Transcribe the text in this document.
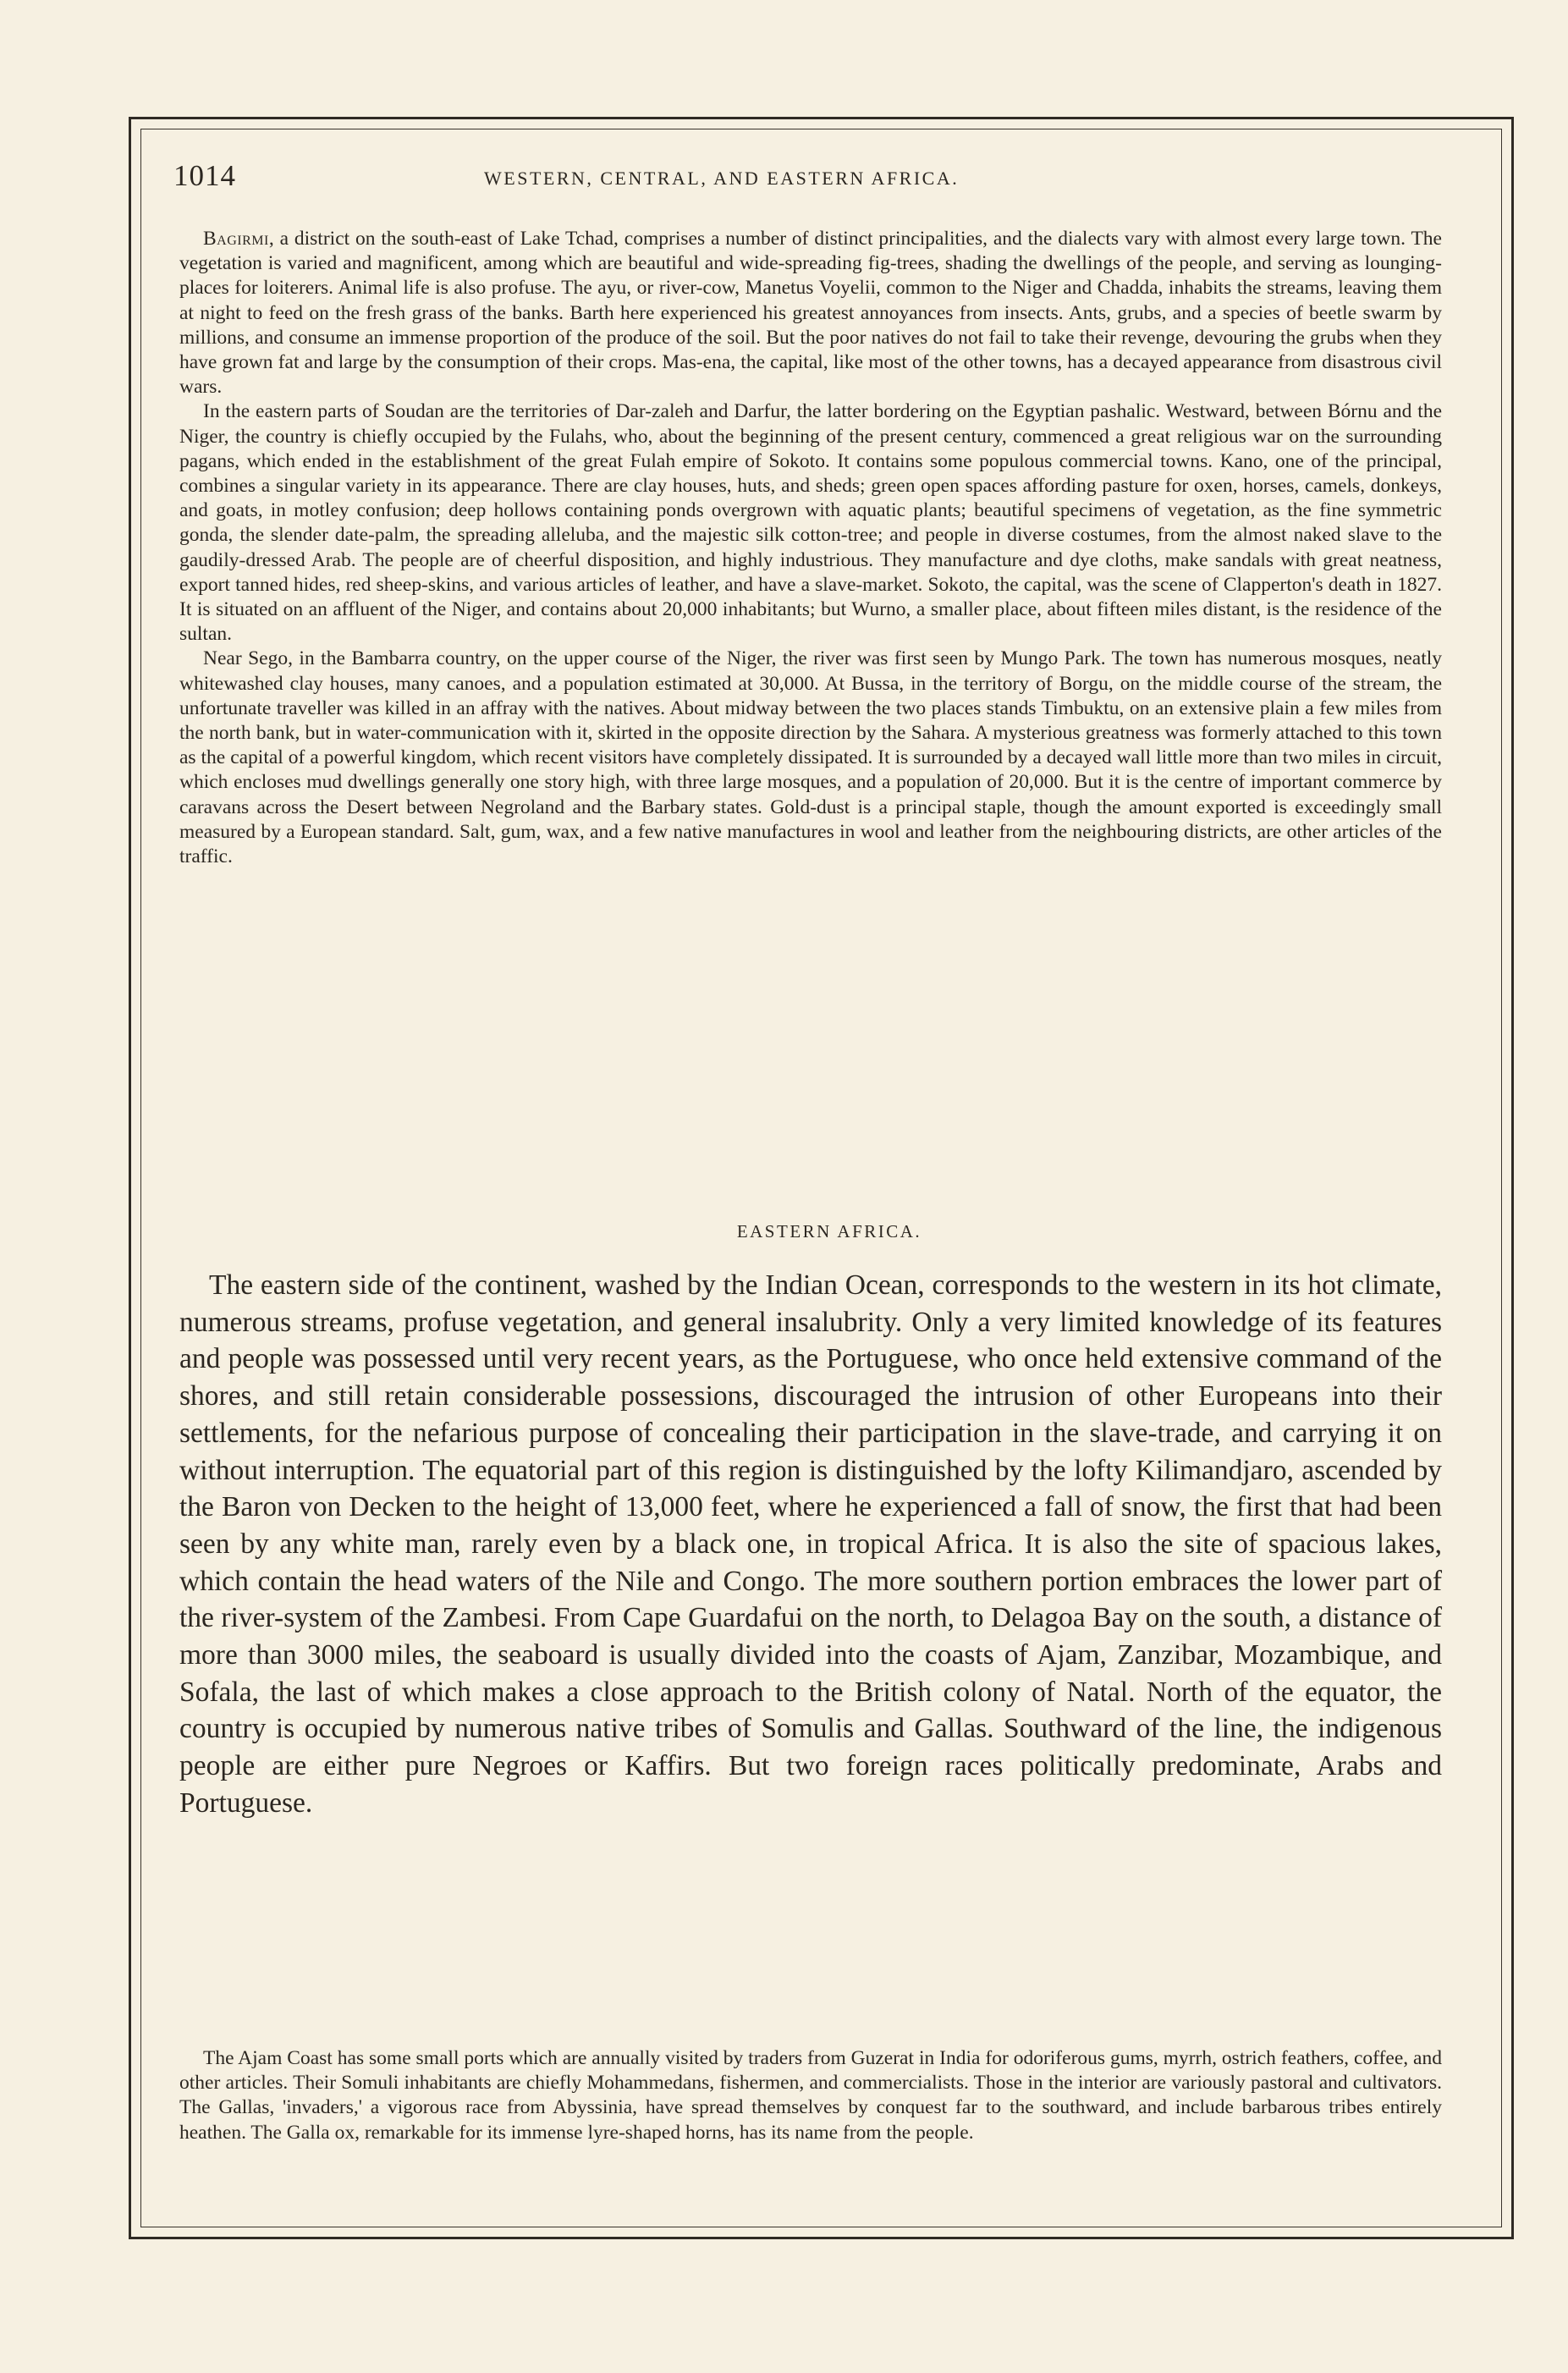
1014	WESTERN, CENTRAL, AND EASTERN AFRICA.

Bagirmi, a district on the south-east of Lake Tchad, comprises a number of distinct principalities, and the dialects vary with almost every large town. The vegetation is varied and magnificent, among which are beautiful and wide-spreading fig-trees, shading the dwellings of the people, and serving as lounging-places for loiterers. Animal life is also profuse. The ayu, or river-cow, Manetus Voyelii, common to the Niger and Chadda, inhabits the streams, leaving them at night to feed on the fresh grass of the banks. Barth here experienced his greatest annoyances from insects. Ants, grubs, and a species of beetle swarm by millions, and consume an immense proportion of the produce of the soil. But the poor natives do not fail to take their revenge, devouring the grubs when they have grown fat and large by the consumption of their crops. Mas-ena, the capital, like most of the other towns, has a decayed appearance from disastrous civil wars.

In the eastern parts of Soudan are the territories of Dar-zaleh and Darfur, the latter bordering on the Egyptian pashalic. Westward, between Bórnu and the Niger, the country is chiefly occupied by the Fulahs, who, about the beginning of the present century, commenced a great religious war on the surrounding pagans, which ended in the establishment of the great Fulah empire of Sokoto. It contains some populous commercial towns. Kano, one of the principal, combines a singular variety in its appearance. There are clay houses, huts, and sheds; green open spaces affording pasture for oxen, horses, camels, donkeys, and goats, in motley confusion; deep hollows containing ponds overgrown with aquatic plants; beautiful specimens of vegetation, as the fine symmetric gonda, the slender date-palm, the spreading alleluba, and the majestic silk cotton-tree; and people in diverse costumes, from the almost naked slave to the gaudily-dressed Arab. The people are of cheerful disposition, and highly industrious. They manufacture and dye cloths, make sandals with great neatness, export tanned hides, red sheep-skins, and various articles of leather, and have a slave-market. Sokoto, the capital, was the scene of Clapperton's death in 1827. It is situated on an affluent of the Niger, and contains about 20,000 inhabitants; but Wurno, a smaller place, about fifteen miles distant, is the residence of the sultan.

Near Sego, in the Bambarra country, on the upper course of the Niger, the river was first seen by Mungo Park. The town has numerous mosques, neatly whitewashed clay houses, many canoes, and a population estimated at 30,000. At Bussa, in the territory of Borgu, on the middle course of the stream, the unfortunate traveller was killed in an affray with the natives. About midway between the two places stands Timbuktu, on an extensive plain a few miles from the north bank, but in water-communication with it, skirted in the opposite direction by the Sahara. A mysterious greatness was formerly attached to this town as the capital of a powerful kingdom, which recent visitors have completely dissipated. It is surrounded by a decayed wall little more than two miles in circuit, which encloses mud dwellings generally one story high, with three large mosques, and a population of 20,000. But it is the centre of important commerce by caravans across the Desert between Negroland and the Barbary states. Gold-dust is a principal staple, though the amount exported is exceedingly small measured by a European standard. Salt, gum, wax, and a few native manufactures in wool and leather from the neighbouring districts, are other articles of the traffic.

EASTERN AFRICA.

The eastern side of the continent, washed by the Indian Ocean, corresponds to the western in its hot climate, numerous streams, profuse vegetation, and general insalubrity. Only a very limited knowledge of its features and people was possessed until very recent years, as the Portuguese, who once held extensive command of the shores, and still retain considerable possessions, discouraged the intrusion of other Europeans into their settlements, for the nefarious purpose of concealing their participation in the slave-trade, and carrying it on without interruption. The equatorial part of this region is distinguished by the lofty Kilimandjaro, ascended by the Baron von Decken to the height of 13,000 feet, where he experienced a fall of snow, the first that had been seen by any white man, rarely even by a black one, in tropical Africa. It is also the site of spacious lakes, which contain the head waters of the Nile and Congo. The more southern portion embraces the lower part of the river-system of the Zambesi. From Cape Guardafui on the north, to Delagoa Bay on the south, a distance of more than 3000 miles, the seaboard is usually divided into the coasts of Ajam, Zanzibar, Mozambique, and Sofala, the last of which makes a close approach to the British colony of Natal. North of the equator, the country is occupied by numerous native tribes of Somulis and Gallas. Southward of the line, the indigenous people are either pure Negroes or Kaffirs. But two foreign races politically predominate, Arabs and Portuguese.

The Ajam Coast has some small ports which are annually visited by traders from Guzerat in India for odoriferous gums, myrrh, ostrich feathers, coffee, and other articles. Their Somuli inhabitants are chiefly Mohammedans, fishermen, and commercialists. Those in the interior are variously pastoral and cultivators. The Gallas, 'invaders,' a vigorous race from Abyssinia, have spread themselves by conquest far to the southward, and include barbarous tribes entirely heathen. The Galla ox, remarkable for its immense lyre-shaped horns, has its name from the people.
